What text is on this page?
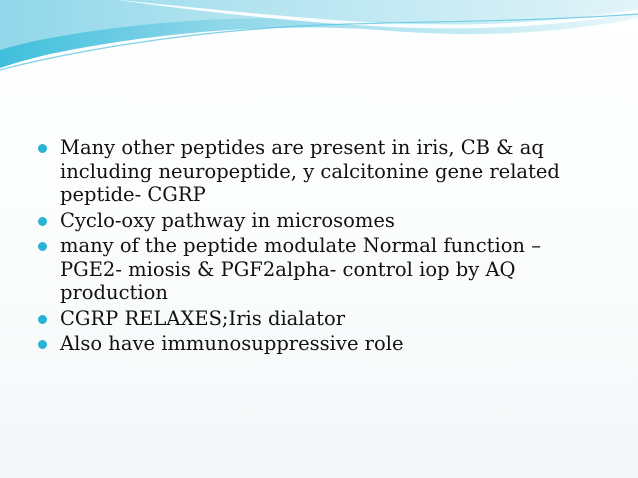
Many other peptides are present in iris, CB & aq including neuropeptide, y calcitonine gene related peptide- CGRP
Cyclo-oxy pathway in microsomes
many of the peptide modulate Normal function – PGE2- miosis & PGF2alpha- control iop by AQ production
CGRP RELAXES;Iris dialator
Also have immunosuppressive role
